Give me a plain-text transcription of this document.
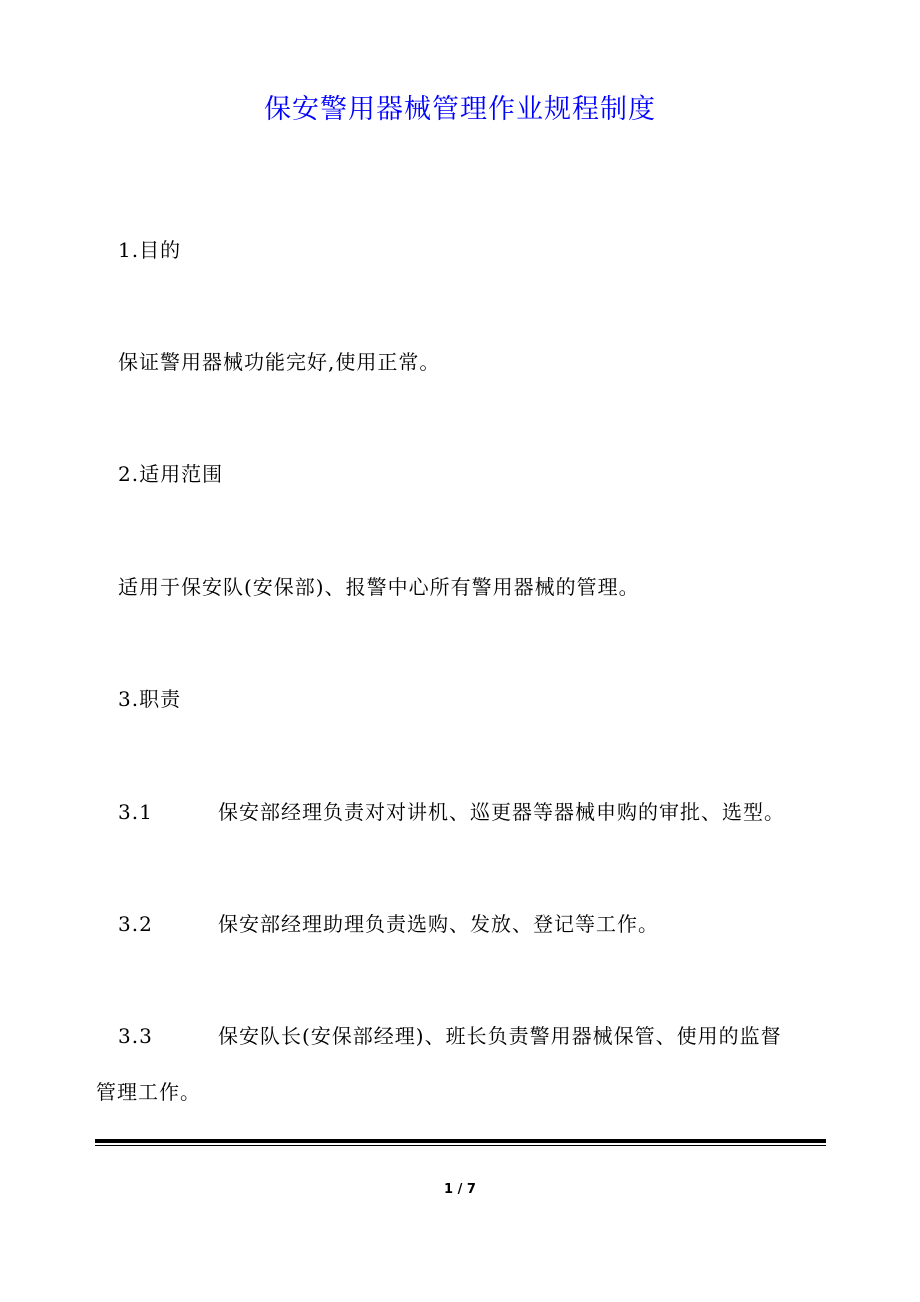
保安警用器械管理作业规程制度
1.目的
保证警用器械功能完好,使用正常。
2.适用范围
适用于保安队(安保部)、报警中心所有警用器械的管理。
3.职责
3.1	保安部经理负责对对讲机、巡更器等器械申购的审批、选型。
3.2	保安部经理助理负责选购、发放、登记等工作。
3.3	保安队长(安保部经理)、班长负责警用器械保管、使用的监督
管理工作。
1 / 7
